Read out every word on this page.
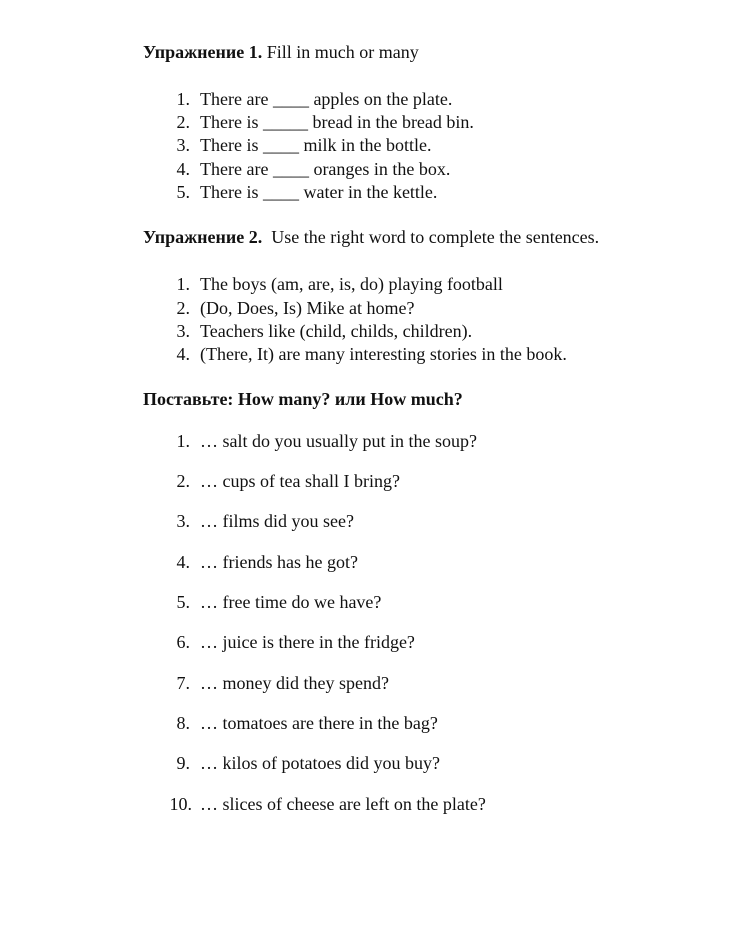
Упражнение 1. Fill in much or many
1. There are ____ apples on the plate.
2. There is _____ bread in the bread bin.
3. There is ____ milk in the bottle.
4. There are ____ oranges in the box.
5. There is ____ water in the kettle.
Упражнение 2.  Use the right word to complete the sentences.
1. The boys (am, are, is, do) playing football
2. (Do, Does, Is) Mike at home?
3. Teachers like (child, childs, children).
4. (There, It) are many interesting stories in the book.
Поставьте: How many? или How much?
1. … salt do you usually put in the soup?
2. … cups of tea shall I bring?
3. … films did you see?
4. … friends has he got?
5. … free time do we have?
6. … juice is there in the fridge?
7. … money did they spend?
8. … tomatoes are there in the bag?
9. … kilos of potatoes did you buy?
10. … slices of cheese are left on the plate?
